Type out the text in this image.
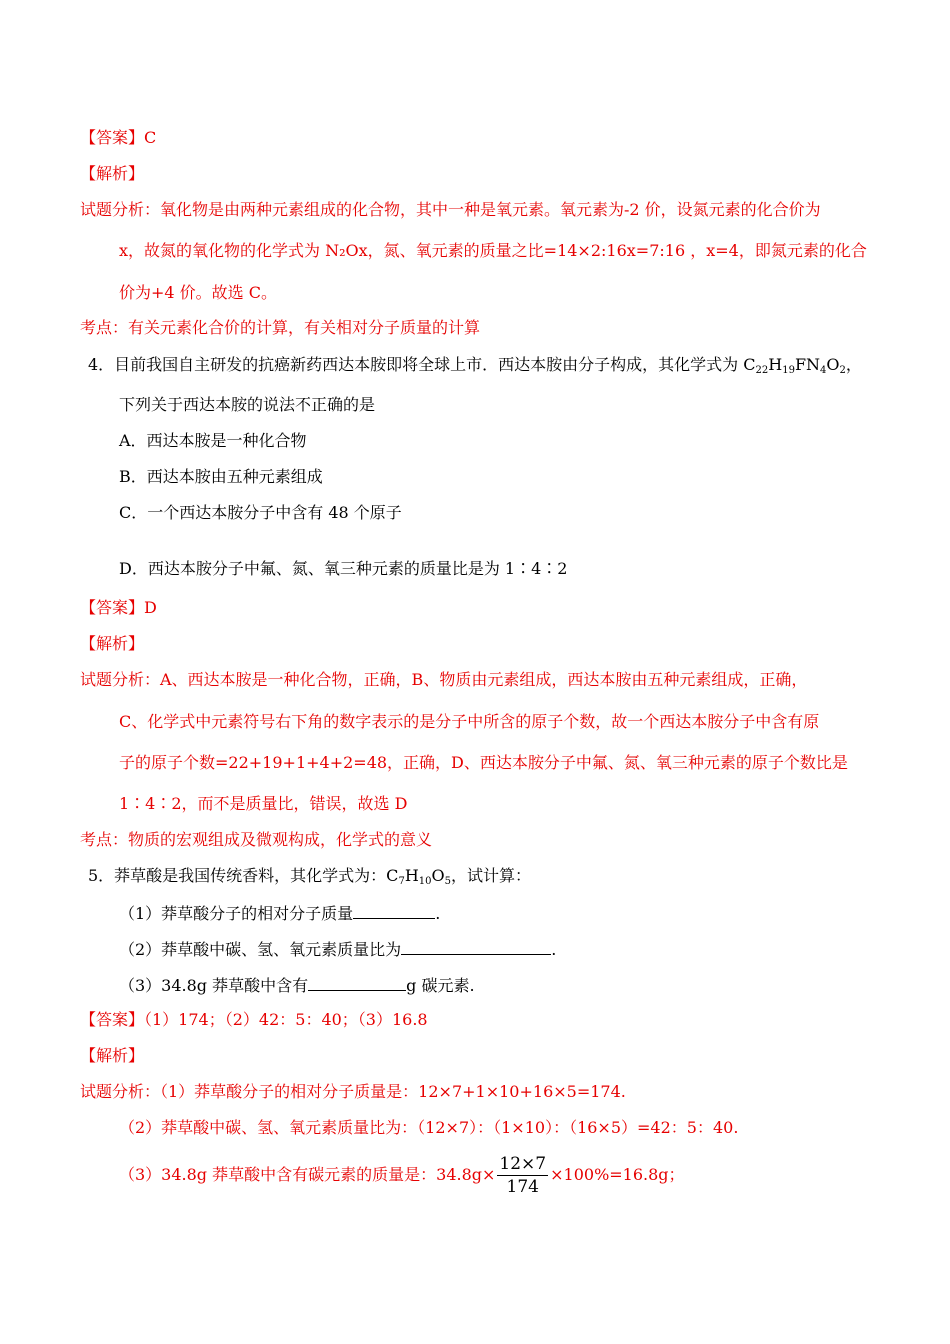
【答案】C
【解析】
试题分析：氧化物是由两种元素组成的化合物，其中一种是氧元素。氧元素为-2 价，设氮元素的化合价为
x，故氮的氧化物的化学式为 N₂Ox，氮、氧元素的质量之比=14×2:16x=7:16 ，x=4，即氮元素的化合
价为+4 价。故选 C。
考点：有关元素化合价的计算，有关相对分子质量的计算
4．目前我国自主研发的抗癌新药西达本胺即将全球上市．西达本胺由分子构成，其化学式为 $C_{22}H_{19}FN_4O_2$，
下列关于西达本胺的说法不正确的是
A．西达本胺是一种化合物
B．西达本胺由五种元素组成
C．一个西达本胺分子中含有 48 个原子
D．西达本胺分子中氟、氮、氧三种元素的质量比是为 1∶4∶2
【答案】D
【解析】
试题分析：A、西达本胺是一种化合物，正确，B、物质由元素组成，西达本胺由五种元素组成，正确，
C、化学式中元素符号右下角的数字表示的是分子中所含的原子个数，故一个西达本胺分子中含有原
子的原子个数=22+19+1+4+2=48，正确，D、西达本胺分子中氟、氮、氧三种元素的原子个数比是
1∶4∶2，而不是质量比，错误，故选 D
考点：物质的宏观组成及微观构成，化学式的意义
5．莽草酸是我国传统香料，其化学式为：$C_7H_{10}O_5$，试计算：
（1）莽草酸分子的相对分子质量	.
（2）莽草酸中碳、氢、氧元素质量比为	.
（3）34.8g 莽草酸中含有	g 碳元素.
【答案】（1）174；（2）42：5：40；（3）16.8
【解析】
试题分析：（1）莽草酸分子的相对分子质量是：12×7+1×10+16×5=174.
（2）莽草酸中碳、氢、氧元素质量比为：（12×7）：（1×10）：（16×5）=42：5：40.
（3）34.8g 莽草酸中含有碳元素的质量是：$34.8g\times \frac{12\times 7}{174} \times 100\%=16.8g$；
